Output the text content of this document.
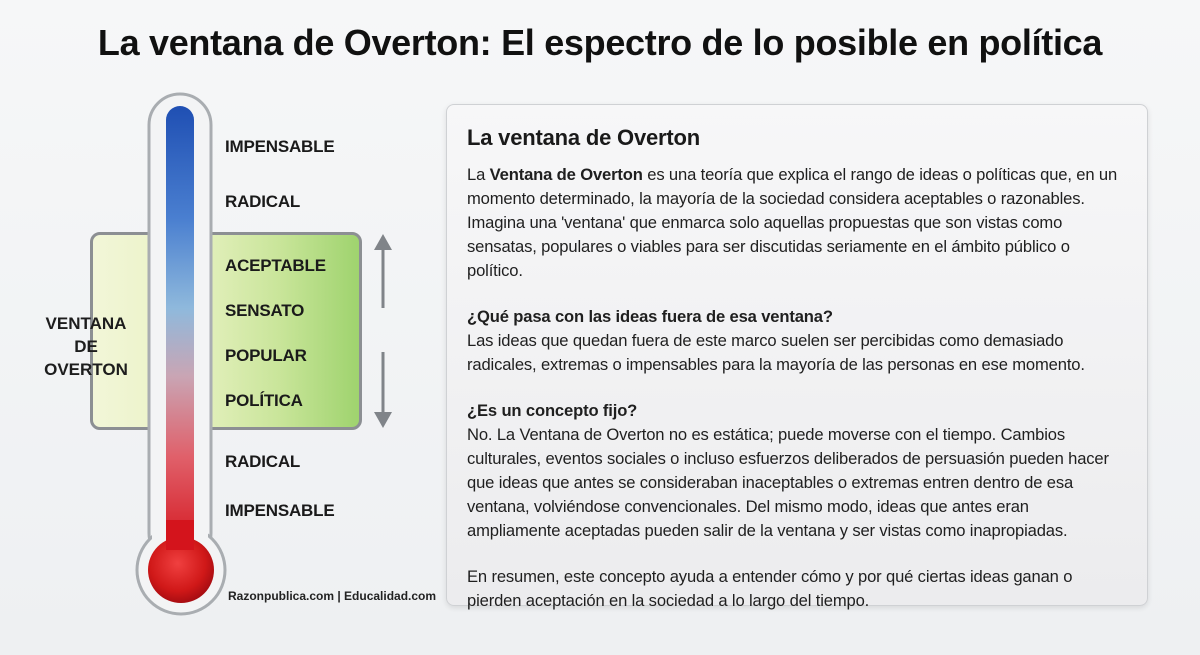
La ventana de Overton: El espectro de lo posible en política
VENTANA
DE OVERTON
IMPENSABLE
RADICAL
ACEPTABLE
SENSATO
POPULAR
POLÍTICA
RADICAL
IMPENSABLE
Razonpublica.com | Educalidad.com
La ventana de Overton

La Ventana de Overton es una teoría que explica el rango de ideas o políticas que, en un momento determinado, la mayoría de la sociedad considera aceptables o razonables. Imagina una 'ventana' que enmarca solo aquellas propuestas que son vistas como sensatas, populares o viables para ser discutidas seriamente en el ámbito público o político.

¿Qué pasa con las ideas fuera de esa ventana?
Las ideas que quedan fuera de este marco suelen ser percibidas como demasiado radicales, extremas o impensables para la mayoría de las personas en ese momento.

¿Es un concepto fijo?
No. La Ventana de Overton no es estática; puede moverse con el tiempo. Cambios culturales, eventos sociales o incluso esfuerzos deliberados de persuasión pueden hacer que ideas que antes se consideraban inaceptables o extremas entren dentro de esa ventana, volviéndose convencionales. Del mismo modo, ideas que antes eran ampliamente aceptadas pueden salir de la ventana y ser vistas como inapropiadas.

En resumen, este concepto ayuda a entender cómo y por qué ciertas ideas ganan o pierden aceptación en la sociedad a lo largo del tiempo.
